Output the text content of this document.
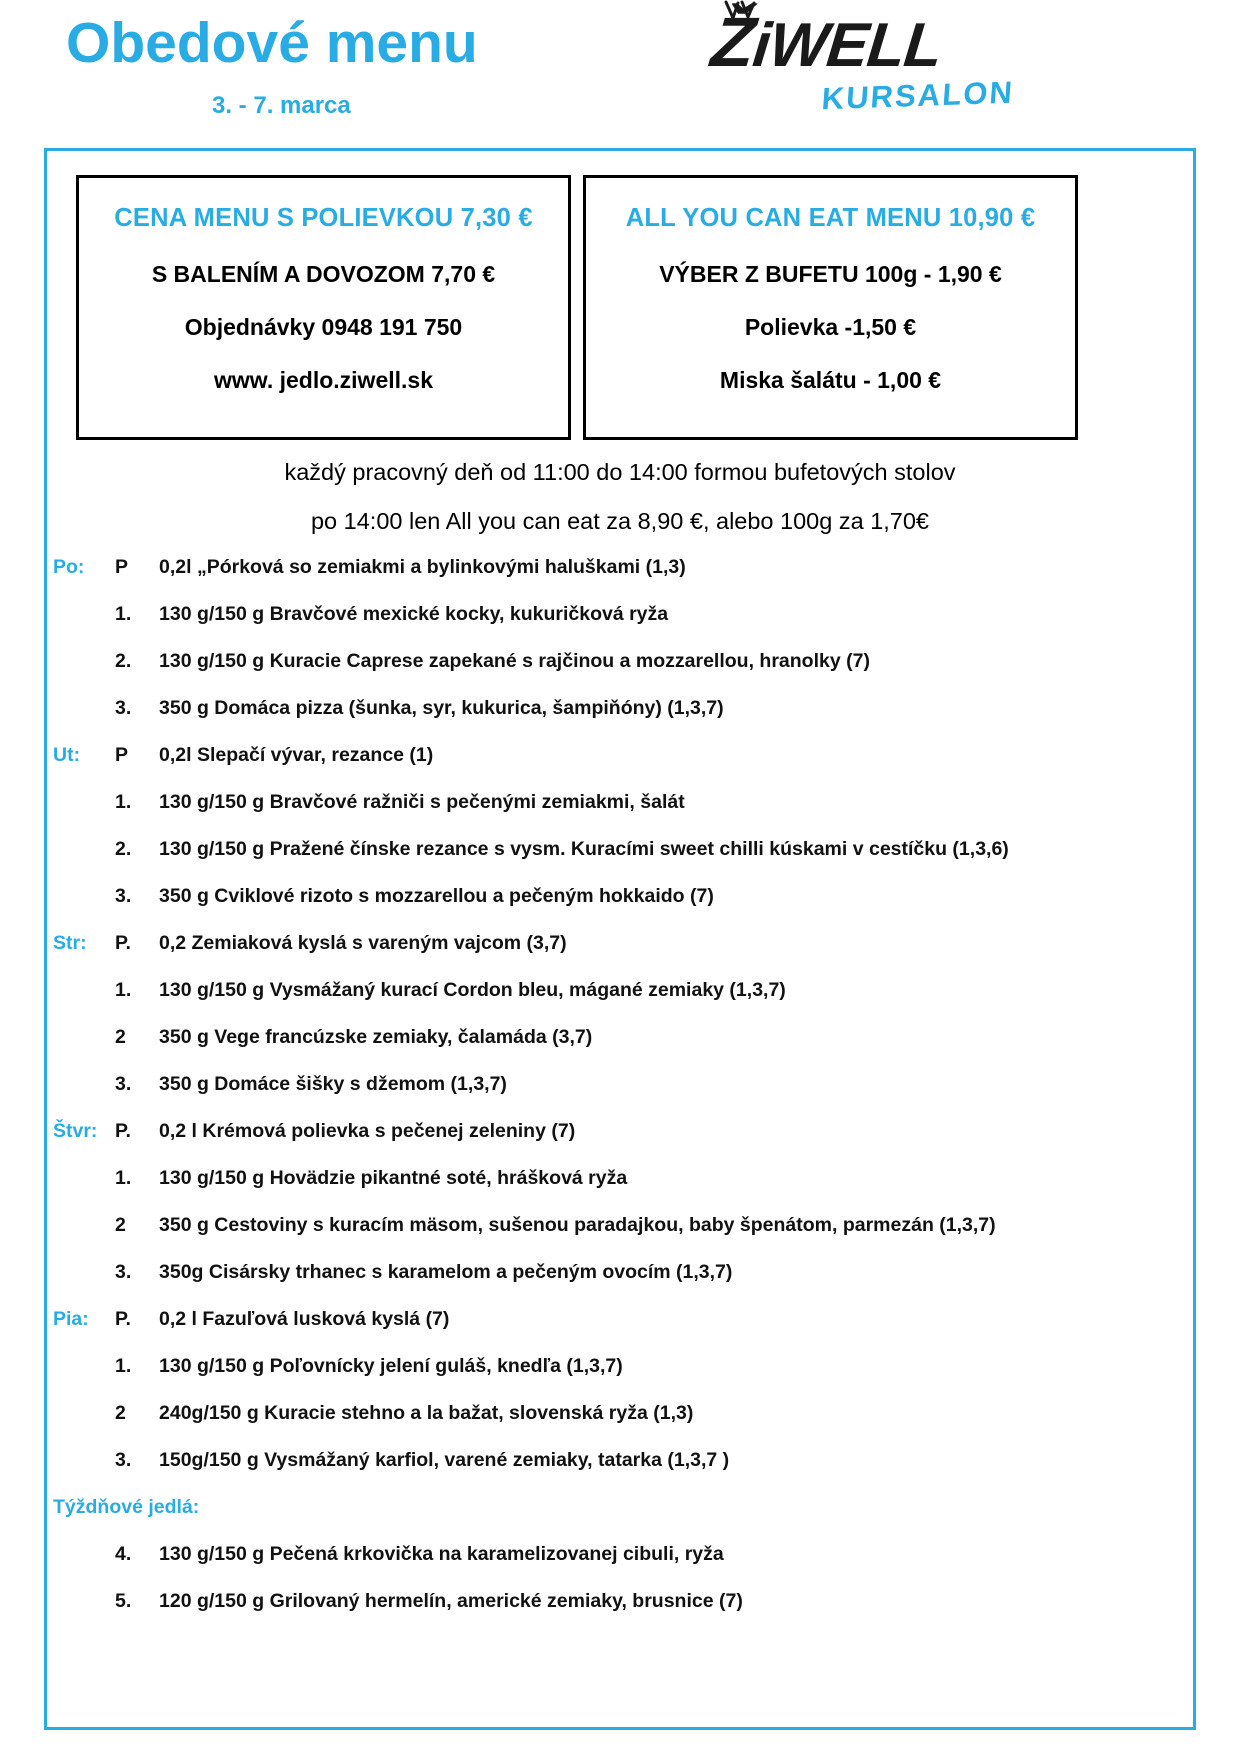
Obedové menu
3. - 7. marca
ŽiWELL
KURSALON
CENA MENU S POLIEVKOU 7,30 €
S BALENÍM A DOVOZOM 7,70 €
Objednávky 0948 191 750
www. jedlo.ziwell.sk
ALL YOU CAN EAT MENU 10,90 €
VÝBER Z BUFETU 100g - 1,90 €
Polievka -1,50 €
Miska šalátu - 1,00 €
každý pracovný deň od 11:00 do 14:00 formou bufetových stolov
po 14:00 len All you can eat za 8,90 €, alebo 100g za 1,70€
Po:	P	0,2l „Pórková so zemiakmi a bylinkovými haluškami (1,3)
1.	130 g/150 g Bravčové mexické kocky, kukuričková ryža
2.	130 g/150 g Kuracie Caprese zapekané s rajčinou a mozzarellou, hranolky (7)
3.	350 g Domáca pizza (šunka, syr, kukurica, šampiňóny) (1,3,7)
Ut:	P	0,2l Slepačí vývar, rezance (1)
1.	130 g/150 g Bravčové ražniči s pečenými zemiakmi, šalát
2.	130 g/150 g Pražené čínske rezance s vysm. Kuracími sweet chilli kúskami v cestíčku (1,3,6)
3.	350 g Cviklové rizoto s mozzarellou a pečeným hokkaido (7)
Str:	P.	0,2 Zemiaková kyslá s vareným vajcom (3,7)
1.	130 g/150 g Vysmážaný kurací Cordon bleu, mágané zemiaky (1,3,7)
2	350 g Vege francúzske zemiaky, čalamáda (3,7)
3.	350 g Domáce šišky s džemom (1,3,7)
Štvr: P.	0,2 l Krémová polievka s pečenej zeleniny (7)
1.	130 g/150 g Hovädzie pikantné soté, hrášková ryža
2	350 g Cestoviny s kuracím mäsom, sušenou paradajkou, baby špenátom, parmezán (1,3,7)
3.	350g Cisársky trhanec s karamelom a pečeným ovocím (1,3,7)
Pia:	P.	0,2 l Fazuľová lusková kyslá (7)
1.	130 g/150 g Poľovnícky jelení guláš, knedľa (1,3,7)
2	240g/150 g Kuracie stehno a la bažat, slovenská ryža (1,3)
3.	150g/150 g Vysmážaný karfiol, varené zemiaky, tatarka (1,3,7 )
Týždňové jedlá:
4.	130 g/150 g Pečená krkovička na karamelizovanej cibuli, ryža
5.	120 g/150 g Grilovaný hermelín, americké zemiaky, brusnice (7)
